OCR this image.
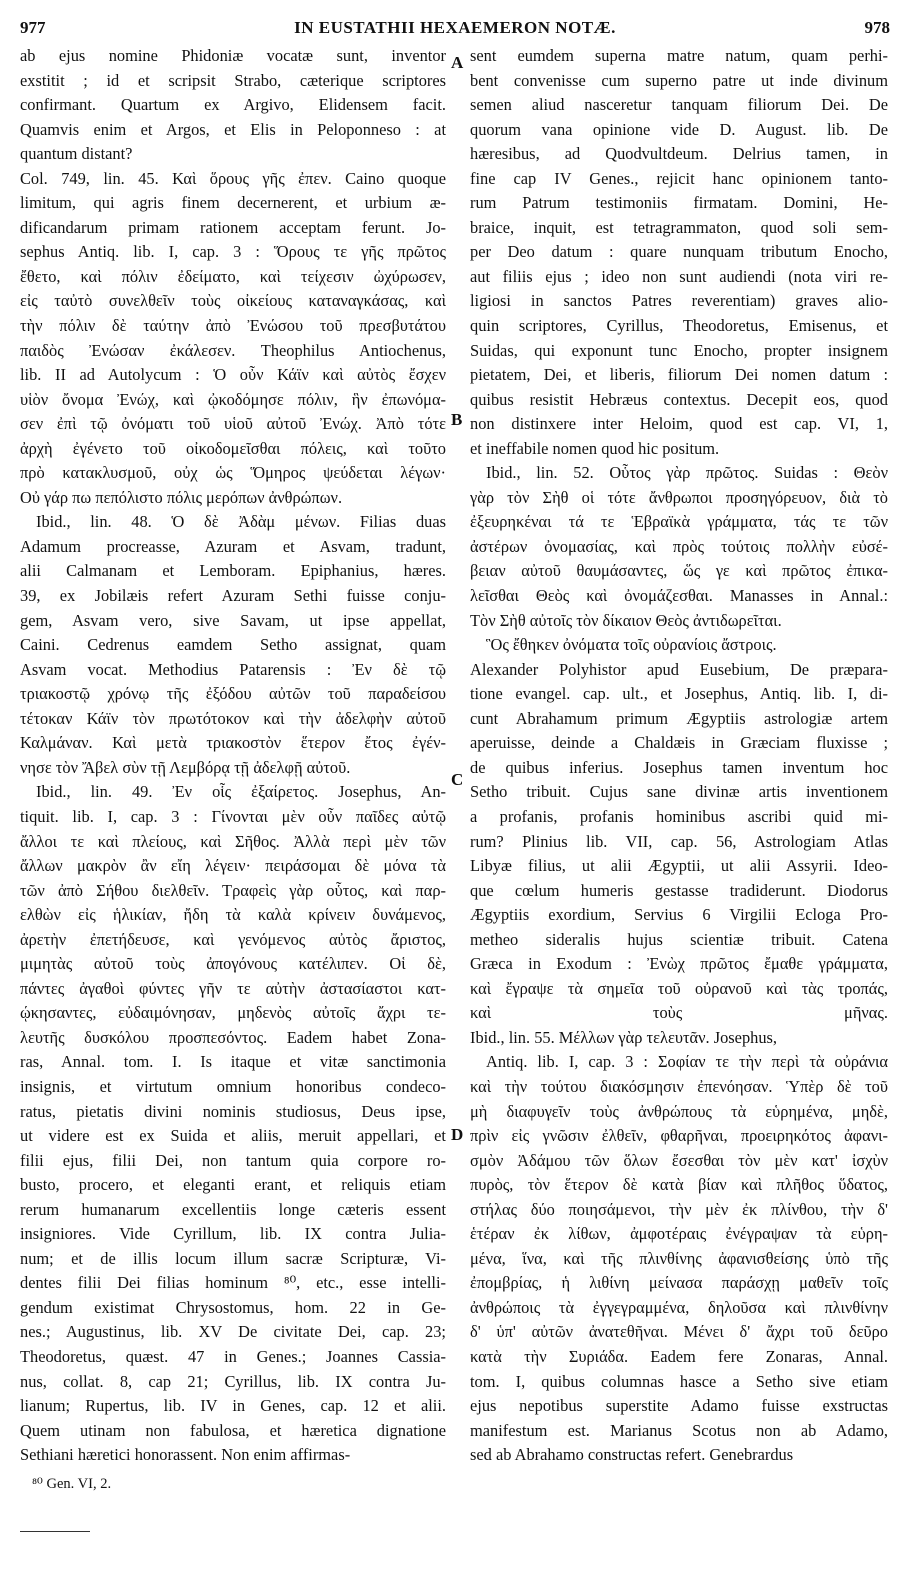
977	IN EUSTATHII HEXAEMERON NOTÆ.	978

ab ejus nomine Phidoniæ vocatæ sunt, inventor

exstitit ; id et scripsit Strabo, cæterique scriptores

confirmant. Quartum ex Argivo, Elidensem facit.

Quamvis enim et Argos, et Elis in Peloponneso : at

quantum distant?

Col. 749, lin. 45. Καὶ ὅρους γῆς ἐπεν. Caino quoque

limitum, qui agris finem decernerent, et urbium æ-

dificandarum primam rationem acceptam ferunt. Jo-

sephus Antiq. lib. I, cap. 3 : Ὅρους τε γῆς πρῶτος

ἔθετο, καὶ πόλιν ἐδείματο, καὶ τείχεσιν ὠχύρωσεν,

εἰς ταὐτὸ συνελθεῖν τοὺς οἰκείους καταναγκάσας, καὶ

τὴν πόλιν δὲ ταύτην ἀπὸ Ἐνώσου τοῦ πρεσβυτάτου

παιδὸς Ἐνώσαν ἐκάλεσεν. Theophilus Antiochenus,

lib. II ad Autolycum : Ὁ οὖν Κάϊν καὶ αὐτὸς ἔσχεν

υἱὸν ὄνομα Ἐνώχ, καὶ ᾠκοδόμησε πόλιν, ἣν ἐπωνόμα-

σεν ἐπὶ τῷ ὀνόματι τοῦ υἱοῦ αὐτοῦ Ἐνώχ. Ἀπὸ τότε

ἀρχὴ ἐγένετο τοῦ οἰκοδομεῖσθαι πόλεις, καὶ τοῦτο

πρὸ κατακλυσμοῦ, οὐχ ὡς Ὅμηρος ψεύδεται λέγων·

Οὐ γάρ πω πεπόλιστο πόλις μερόπων ἀνθρώπων.

Ibid., lin. 48. Ὁ δὲ Ἀδὰμ μένων. Filias duas

Adamum procreasse, Azuram et Asvam, tradunt,

alii Calmanam et Lemboram. Epiphanius, hæres.

39, ex Jobilæis refert Azuram Sethi fuisse conju-

gem, Asvam vero, sive Savam, ut ipse appellat,

Caini. Cedrenus eamdem Setho assignat, quam

Asvam vocat. Methodius Patarensis : Ἐν δὲ τῷ

τριακοστῷ χρόνῳ τῆς ἐξόδου αὐτῶν τοῦ παραδείσου

τέτοκαν Κάϊν τὸν πρωτότοκον καὶ τὴν ἀδελφὴν αὐτοῦ

Καλμάναν. Καὶ μετὰ τριακοστὸν ἕτερον ἔτος ἐγέν-

νησε τὸν Ἄβελ σὺν τῇ Λεμβόρᾳ τῇ ἀδελφῇ αὐτοῦ.

Ibid., lin. 49. Ἐν οἷς ἐξαίρετος. Josephus, An-

tiquit. lib. I, cap. 3 : Γίνονται μὲν οὖν παῖδες αὐτῷ

ἄλλοι τε καὶ πλείους, καὶ Σῆθος. Ἀλλὰ περὶ μὲν τῶν

ἄλλων μακρὸν ἂν εἴη λέγειν· πειράσομαι δὲ μόνα τὰ

τῶν ἀπὸ Σήθου διελθεῖν. Τραφεὶς γὰρ οὗτος, καὶ παρ-

ελθὼν εἰς ἡλικίαν, ἤδη τὰ καλὰ κρίνειν δυνάμενος,

ἀρετὴν ἐπετήδευσε, καὶ γενόμενος αὐτὸς ἄριστος,

μιμητὰς αὐτοῦ τοὺς ἀπογόνους κατέλιπεν. Οἱ δὲ,

πάντες ἀγαθοὶ φύντες γῆν τε αὐτὴν ἀστασίαστοι κατ-

ῴκησαντες, εὐδαιμόνησαν, μηδενὸς αὐτοῖς ἄχρι τε-

λευτῆς δυσκόλου προσπεσόντος. Eadem habet Zona-

ras, Annal. tom. I. Is itaque et vitæ sanctimonia

insignis, et virtutum omnium honoribus condeco-

ratus, pietatis divini nominis studiosus, Deus ipse,

ut videre est ex Suida et aliis, meruit appellari, et

filii ejus, filii Dei, non tantum quia corpore ro-

busto, procero, et eleganti erant, et reliquis etiam

rerum humanarum excellentiis longe cæteris essent

insigniores. Vide Cyrillum, lib. IX contra Julia-

num; et de illis locum illum sacræ Scripturæ, Vi-

dentes filii Dei filias hominum ⁸⁰, etc., esse intelli-

gendum existimat Chrysostomus, hom. 22 in Ge-

nes.; Augustinus, lib. XV De civitate Dei, cap. 23;

Theodoretus, quæst. 47 in Genes.; Joannes Cassia-

nus, collat. 8, cap 21; Cyrillus, lib. IX contra Ju-

lianum; Rupertus, lib. IV in Genes, cap. 12 et alii.

Quem utinam non fabulosa, et hæretica dignatione

Sethiani hæretici honorassent. Non enim affirmas-

⁸⁰ Gen. VI, 2.

sent eumdem superna matre natum, quam perhi-

bent convenisse cum superno patre ut inde divinum

semen aliud nasceretur tanquam filiorum Dei. De

quorum vana opinione vide D. August. lib. De

hæresibus, ad Quodvultdeum. Delrius tamen, in

fine cap IV Genes., rejicit hanc opinionem tanto-

rum Patrum testimoniis firmatam. Domini, He-

braice, inquit, est tetragrammaton, quod soli sem-

per Deo datum : quare nunquam tributum Enocho,

aut filiis ejus ; ideo non sunt audiendi (nota viri re-

ligiosi in sanctos Patres reverentiam) graves alio-

quin scriptores, Cyrillus, Theodoretus, Emisenus, et

Suidas, qui exponunt tunc Enocho, propter insignem

pietatem, Dei, et liberis, filiorum Dei nomen datum :

quibus resistit Hebræus contextus. Decepit eos, quod

non distinxere inter Heloim, quod est cap. VI, 1,

et ineffabile nomen quod hic positum.

Ibid., lin. 52. Οὗτος γὰρ πρῶτος. Suidas : Θεὸν

γὰρ τὸν Σὴθ οἱ τότε ἄνθρωποι προσηγόρευον, διὰ τὸ

ἐξευρηκέναι τά τε Ἑβραϊκὰ γράμματα, τάς τε τῶν

ἀστέρων ὀνομασίας, καὶ πρὸς τούτοις πολλὴν εὐσέ-

βειαν αὐτοῦ θαυμάσαντες, ὥς γε καὶ πρῶτος ἐπικα-

λεῖσθαι Θεὸς καὶ ὀνομάζεσθαι. Manasses in Annal.:

Τὸν Σὴθ αὐτοῖς τὸν δίκαιον Θεὸς ἀντιδωρεῖται.

Ὃς ἔθηκεν ὀνόματα τοῖς οὐρανίοις ἄστροις.

Alexander Polyhistor apud Eusebium, De præpara-

tione evangel. cap. ult., et Josephus, Antiq. lib. I, di-

cunt Abrahamum primum Ægyptiis astrologiæ artem

aperuisse, deinde a Chaldæis in Græciam fluxisse ;

de quibus inferius. Josephus tamen inventum hoc

Setho tribuit. Cujus sane divinæ artis inventionem

a profanis, profanis hominibus ascribi quid mi-

rum? Plinius lib. VII, cap. 56, Astrologiam Atlas

Libyæ filius, ut alii Ægyptii, ut alii Assyrii. Ideo-

que cœlum humeris gestasse tradiderunt. Diodorus

Ægyptiis exordium, Servius 6 Virgilii Ecloga Pro-

metheo sideralis hujus scientiæ tribuit. Catena

Græca in Exodum : Ἐνὼχ πρῶτος ἔμαθε γράμματα,

καὶ ἔγραψε τὰ σημεῖα τοῦ οὐρανοῦ καὶ τὰς τροπάς,

καὶ τοὺς μῆνας.

Ibid., lin. 55. Μέλλων γὰρ τελευτᾶν. Josephus,

Antiq. lib. I, cap. 3 : Σοφίαν τε τὴν περὶ τὰ οὐράνια

καὶ τὴν τούτου διακόσμησιν ἐπενόησαν. Ὑπὲρ δὲ τοῦ

μὴ διαφυγεῖν τοὺς ἀνθρώπους τὰ εὑρημένα, μηδὲ,

πρὶν εἰς γνῶσιν ἐλθεῖν, φθαρῆναι, προειρηκότος ἀφανι-

σμὸν Ἀδάμου τῶν ὅλων ἔσεσθαι τὸν μὲν κατ' ἰσχὺν

πυρὸς, τὸν ἕτερον δὲ κατὰ βίαν καὶ πλῆθος ὕδατος,

στήλας δύο ποιησάμενοι, τὴν μὲν ἐκ πλίνθου, τὴν δ'

ἑτέραν ἐκ λίθων, ἀμφοτέραις ἐνέγραψαν τὰ εὑρη-

μένα, ἵνα, καὶ τῆς πλινθίνης ἀφανισθείσης ὑπὸ τῆς

ἐπομβρίας, ἡ λιθίνη μείνασα παράσχῃ μαθεῖν τοῖς

ἀνθρώποις τὰ ἐγγεγραμμένα, δηλοῦσα καὶ πλινθίνην

δ' ὑπ' αὐτῶν ἀνατεθῆναι. Μένει δ' ἄχρι τοῦ δεῦρο

κατὰ τὴν Συριάδα. Eadem fere Zonaras, Annal.

tom. I, quibus columnas hasce a Setho sive etiam

ejus nepotibus superstite Adamo fuisse exstructas

manifestum est. Marianus Scotus non ab Adamo,

sed ab Abrahamo constructas refert. Genebrardus

A
B
C
D
